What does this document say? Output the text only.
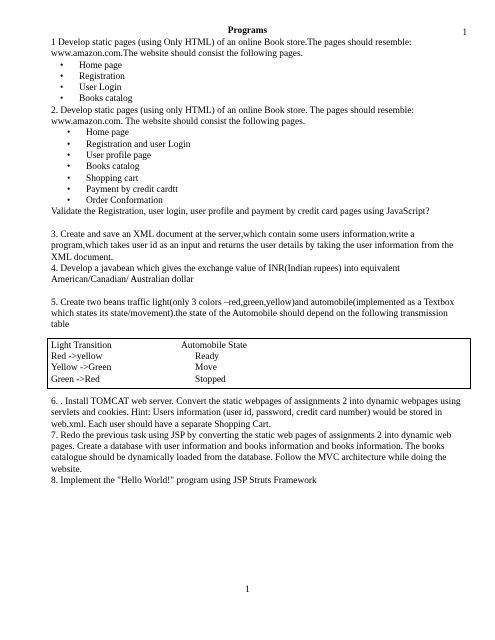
1
Programs

1 Develop static pages (using Only HTML) of an online Book store.The pages should resemble: www.amazon.com.The website should consist the following pages.

• Home page
• Registration
• User Login
• Books catalog

2. Develop static pages (using only HTML) of an online Book store. The pages should resemble: www.amazon.com. The website should consist the following pages.

• Home page
• Registration and user Login
• User profile page
• Books catalog
• Shopping cart
• Payment by credit cardtt
• Order Conformation

Validate the Registration, user login, user profile and payment by credit card pages using JavaScript?

3. Create and save an XML document at the server,which contain some users information.write a program,which takes user id as an input and returns the user details by taking the user information from the XML document.

4. Develop a javabean which gives the exchange value of INR(Indian rupees) into equivalent American/Canadian/ Australian dollar

5. Create two beans traffic light(only 3 colors –red,green,yellow)and automobile(implemented as a Textbox which states its state/movement).the state of the Automobile should depend on the following transmission table

Light Transition	Automobile State
Red ->yellow	Ready
Yellow ->Green	Move
Green ->Red	Stopped

6. . Install TOMCAT web server. Convert the static webpages of assignments 2 into dynamic webpages using servlets and cookies. Hint: Users information (user id, password, credit card number) would be stored in web.xml. Each user should have a separate Shopping Cart.

7. Redo the previous task using JSP by converting the static web pages of assignments 2 into dynamic web pages. Create a database with user information and books information and books information. The books catalogue should be dynamically loaded from the database. Follow the MVC architecture while doing the website.

8. Implement the "Hello World!" program using JSP Struts Framework

1
